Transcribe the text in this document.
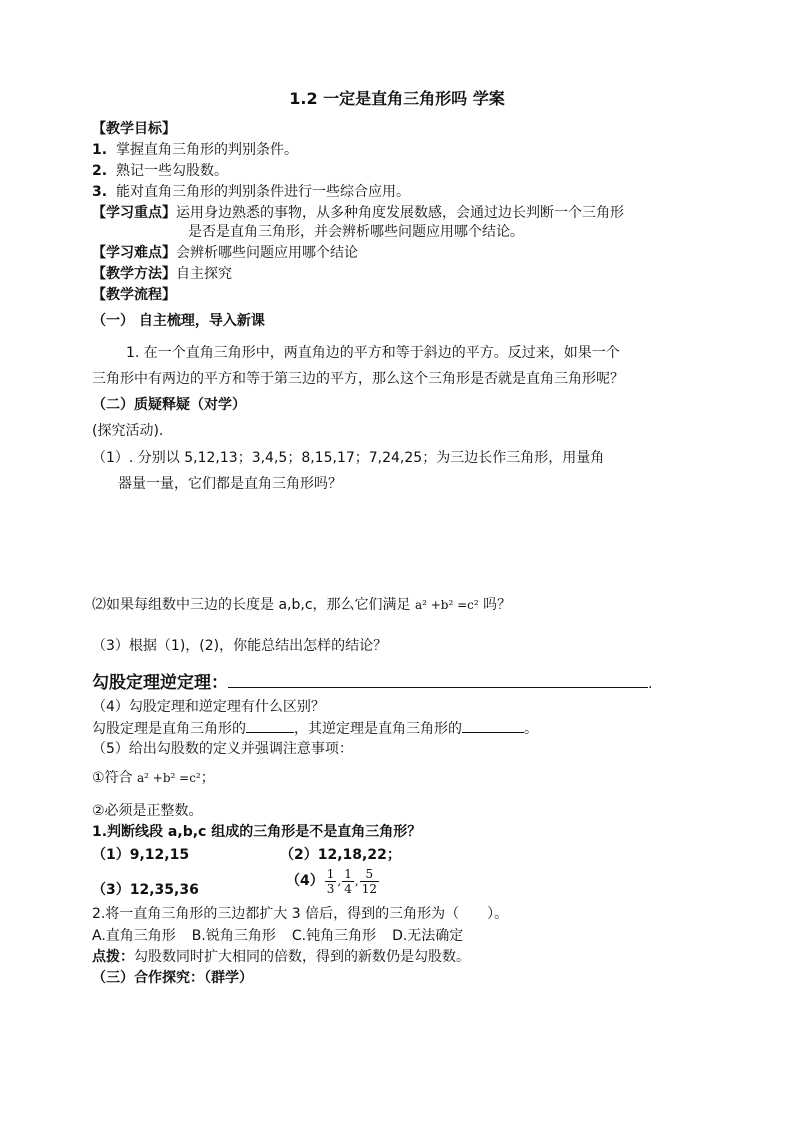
1.2 一定是直角三角形吗 学案
【教学目标】
1. 掌握直角三角形的判别条件。
2. 熟记一些勾股数。
3. 能对直角三角形的判别条件进行一些综合应用。
【学习重点】运用身边熟悉的事物，从多种角度发展数感，会通过边长判断一个三角形
是否是直角三角形，并会辨析哪些问题应用哪个结论。
【学习难点】会辨析哪些问题应用哪个结论
【教学方法】自主探究
【教学流程】
（一） 自主梳理，导入新课
1. 在一个直角三角形中，两直角边的平方和等于斜边的平方。反过来，如果一个
三角形中有两边的平方和等于第三边的平方，那么这个三角形是否就是直角三角形呢？
（二）质疑释疑（对学）
(探究活动).
（1）. 分别以 5,12,13；3,4,5；8,15,17；7,24,25；为三边长作三角形，用量角
器量一量，它们都是直角三角形吗？
⑵如果每组数中三边的长度是 a,b,c，那么它们满足 a² +b² =c² 吗？
（3）根据（1)，(2)，你能总结出怎样的结论？
勾股定理逆定理：	.
（4）勾股定理和逆定理有什么区别？
勾股定理是直角三角形的	，其逆定理是直角三角形的	。
（5）给出勾股数的定义并强调注意事项：
①符合 a² +b² =c²；
②必须是正整数。
1.判断线段 a,b,c 组成的三角形是不是直角三角形？
（1）9,12,15	（2）12,18,22；
（3）12,35,36
$(4) \frac{1}{3}$ , $\frac{1}{4}$ , $\frac{5}{12}$
2.将一直角三角形的三边都扩大 3 倍后，得到的三角形为（　　）。
A.直角三角形 B.锐角三角形 C.钝角三角形 D.无法确定
点拨：勾股数同时扩大相同的倍数，得到的新数仍是勾股数。
（三）合作探究：（群学）
